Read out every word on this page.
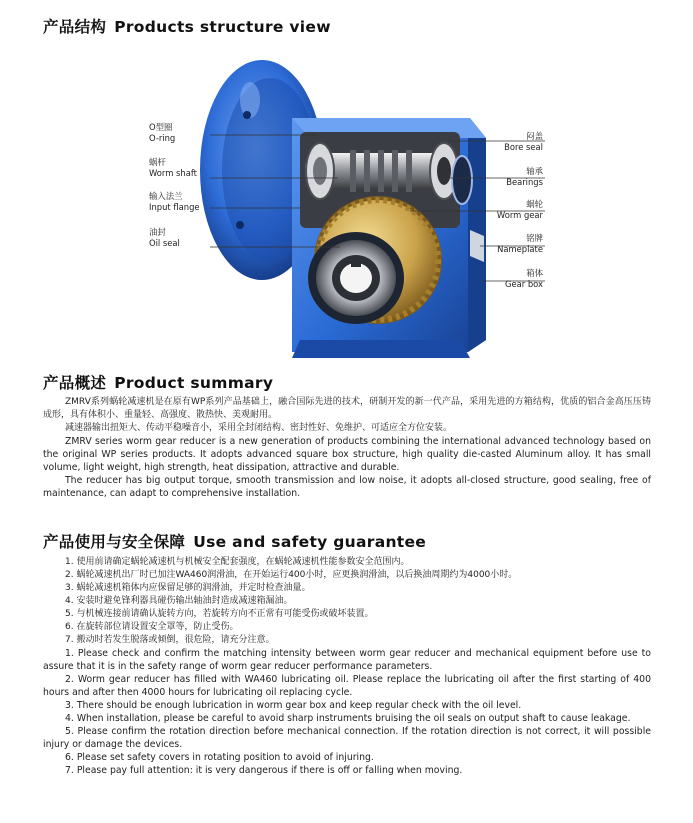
产品结构 Products structure view
O型圈
O-ring
蜗杆
Worm shaft
输入法兰
Input flange
油封
Oil seal
闷盖
Bore seal
轴承
Bearings
蜗轮
Worm gear
铭牌
Nameplate
箱体
Gear box
产品概述 Product summary

ZMRV系列蜗轮减速机是在原有WP系列产品基础上，融合国际先进的技术，研制开发的新一代产品，采用先进的方箱结构，优质的铝合金高压压铸成形，具有体积小、重量轻、高强度、散热快、美观耐用。

减速器输出扭矩大、传动平稳噪音小，采用全封闭结构、密封性好、免维护、可适应全方位安装。

ZMRV series worm gear reducer is a new generation of products combining the international advanced technology based on the original WP series products. It adopts advanced square box structure, high quality die-casted Aluminum alloy. It has small volume, light weight, high strength, heat dissipation, attractive and durable.

The reducer has big output torque, smooth transmission and low noise, it adopts all-closed structure, good sealing, free of maintenance, can adapt to comprehensive installation.

产品使用与安全保障 Use and safety guarantee

1. 使用前请确定蜗轮减速机与机械安全配套强度，在蜗轮减速机性能参数安全范围内。

2. 蜗轮减速机出厂时已加注WA460润滑油，在开始运行400小时，应更换润滑油，以后换油周期约为4000小时。

3. 蜗轮减速机箱体内应保留足够的润滑油，并定时检查油量。

4. 安装时避免锋利器具碰伤输出轴油封造成减速箱漏油。

5. 与机械连接前请确认旋转方向，若旋转方向不正常有可能受伤或破坏装置。

6. 在旋转部位请设置安全罩等，防止受伤。

7. 搬动时若发生脱落或倾倒，很危险，请充分注意。

1. Please check and confirm the matching intensity between worm gear reducer and mechanical equipment before use to assure that it is in the safety range of worm gear reducer performance parameters.

2. Worm gear reducer has filled with WA460 lubricating oil. Please replace the lubricating oil after the first starting of 400 hours and after then 4000 hours for lubricating oil replacing cycle.

3. There should be enough lubrication in worm gear box and keep regular check with the oil level.

4. When installation, please be careful to avoid sharp instruments bruising the oil seals on output shaft to cause leakage.

5. Please confirm the rotation direction before mechanical connection. If the rotation direction is not correct, it will possible injury or damage the devices.

6. Please set safety covers in rotating position to avoid of injuring.

7. Please pay full attention: it is very dangerous if there is off or falling when moving.
